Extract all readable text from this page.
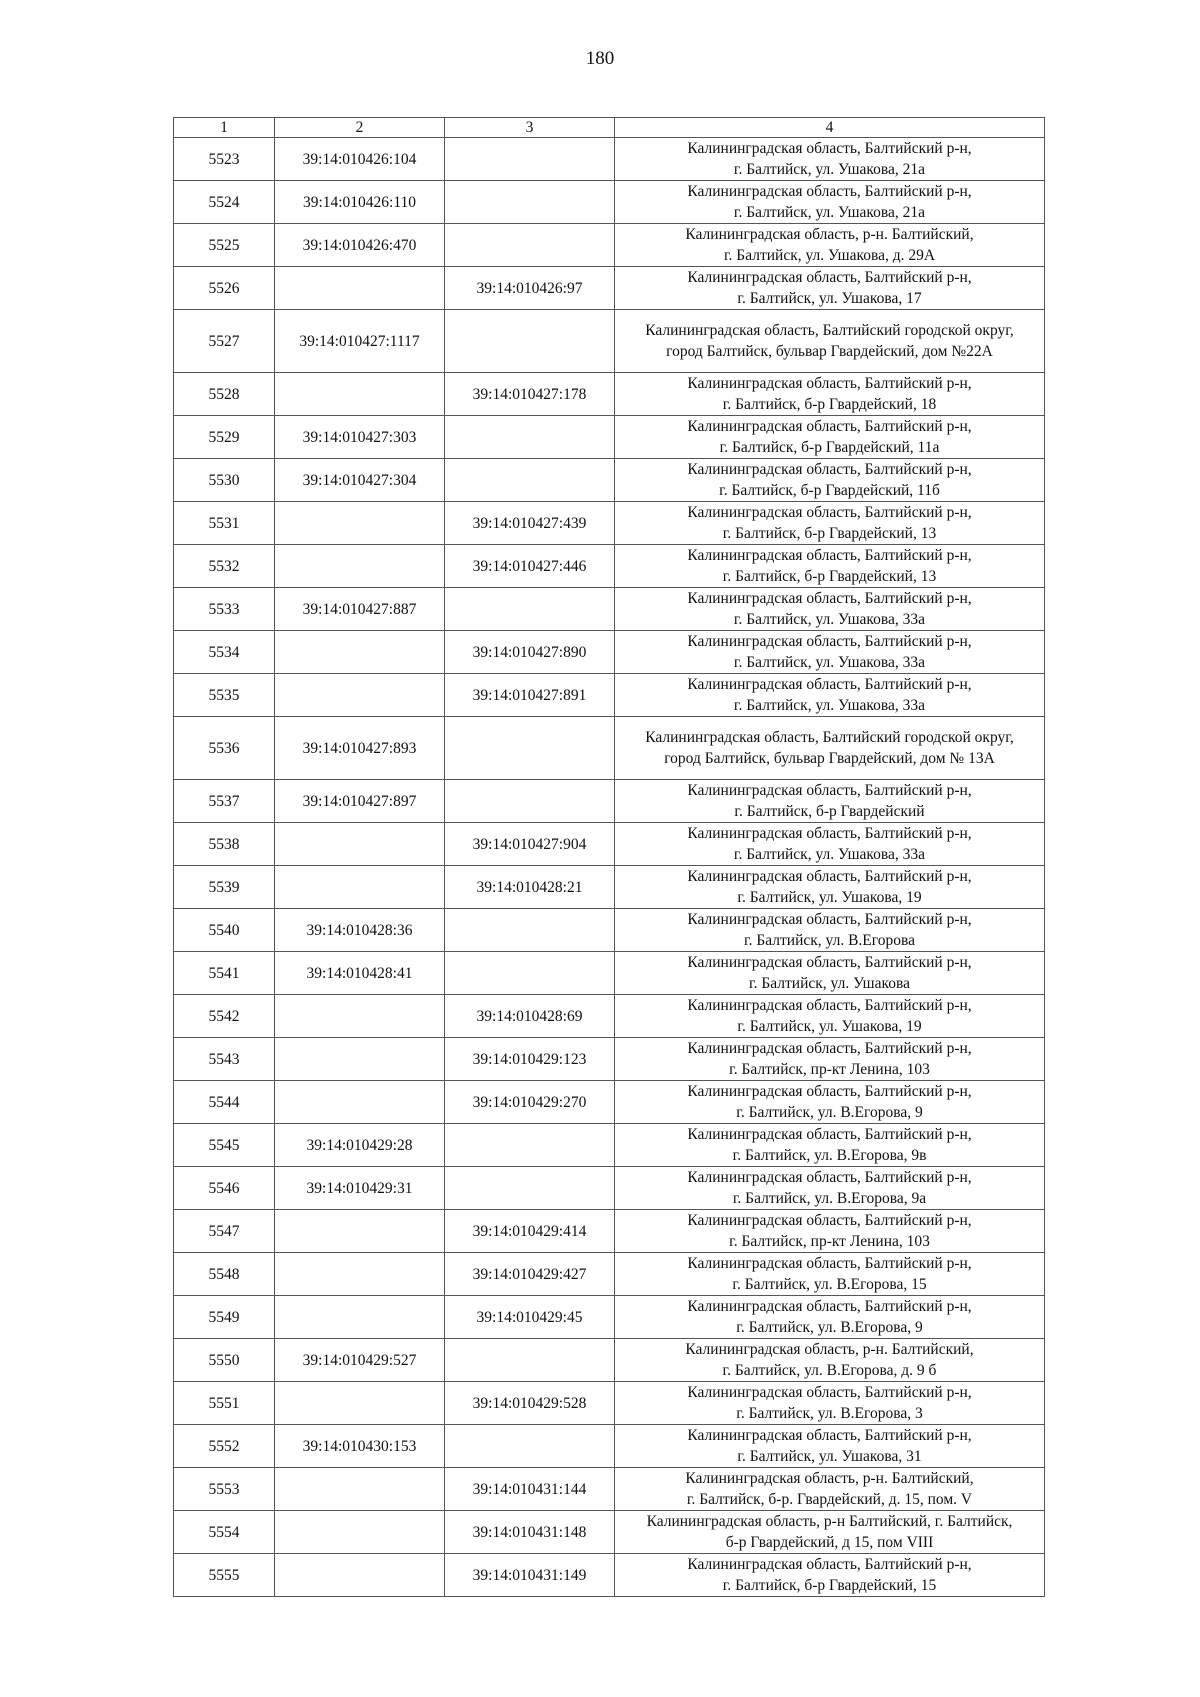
180
1	2	3	4
5523	39:14:010426:104		Калининградская область, Балтийский р-н,
г. Балтийск, ул. Ушакова, 21а
5524	39:14:010426:110		Калининградская область, Балтийский р-н,
г. Балтийск, ул. Ушакова, 21а
5525	39:14:010426:470		Калининградская область, р-н. Балтийский,
г. Балтийск, ул. Ушакова, д. 29А
5526		39:14:010426:97	Калининградская область, Балтийский р-н,
г. Балтийск, ул. Ушакова, 17
5527	39:14:010427:1117		Калининградская область, Балтийский городской округ,
город Балтийск, бульвар Гвардейский, дом №22А
5528		39:14:010427:178	Калининградская область, Балтийский р-н,
г. Балтийск, б-р Гвардейский, 18
5529	39:14:010427:303		Калининградская область, Балтийский р-н,
г. Балтийск, б-р Гвардейский, 11а
5530	39:14:010427:304		Калининградская область, Балтийский р-н,
г. Балтийск, б-р Гвардейский, 11б
5531		39:14:010427:439	Калининградская область, Балтийский р-н,
г. Балтийск, б-р Гвардейский, 13
5532		39:14:010427:446	Калининградская область, Балтийский р-н,
г. Балтийск, б-р Гвардейский, 13
5533	39:14:010427:887		Калининградская область, Балтийский р-н,
г. Балтийск, ул. Ушакова, 33а
5534		39:14:010427:890	Калининградская область, Балтийский р-н,
г. Балтийск, ул. Ушакова, 33а
5535		39:14:010427:891	Калининградская область, Балтийский р-н,
г. Балтийск, ул. Ушакова, 33а
5536	39:14:010427:893		Калининградская область, Балтийский городской округ,
город Балтийск, бульвар Гвардейский, дом № 13А
5537	39:14:010427:897		Калининградская область, Балтийский р-н,
г. Балтийск, б-р Гвардейский
5538		39:14:010427:904	Калининградская область, Балтийский р-н,
г. Балтийск, ул. Ушакова, 33а
5539		39:14:010428:21	Калининградская область, Балтийский р-н,
г. Балтийск, ул. Ушакова, 19
5540	39:14:010428:36		Калининградская область, Балтийский р-н,
г. Балтийск, ул. В.Егорова
5541	39:14:010428:41		Калининградская область, Балтийский р-н,
г. Балтийск, ул. Ушакова
5542		39:14:010428:69	Калининградская область, Балтийский р-н,
г. Балтийск, ул. Ушакова, 19
5543		39:14:010429:123	Калининградская область, Балтийский р-н,
г. Балтийск, пр-кт Ленина, 103
5544		39:14:010429:270	Калининградская область, Балтийский р-н,
г. Балтийск, ул. В.Егорова, 9
5545	39:14:010429:28		Калининградская область, Балтийский р-н,
г. Балтийск, ул. В.Егорова, 9в
5546	39:14:010429:31		Калининградская область, Балтийский р-н,
г. Балтийск, ул. В.Егорова, 9а
5547		39:14:010429:414	Калининградская область, Балтийский р-н,
г. Балтийск, пр-кт Ленина, 103
5548		39:14:010429:427	Калининградская область, Балтийский р-н,
г. Балтийск, ул. В.Егорова, 15
5549		39:14:010429:45	Калининградская область, Балтийский р-н,
г. Балтийск, ул. В.Егорова, 9
5550	39:14:010429:527		Калининградская область, р-н. Балтийский,
г. Балтийск, ул. В.Егорова, д. 9 б
5551		39:14:010429:528	Калининградская область, Балтийский р-н,
г. Балтийск, ул. В.Егорова, 3
5552	39:14:010430:153		Калининградская область, Балтийский р-н,
г. Балтийск, ул. Ушакова, 31
5553		39:14:010431:144	Калининградская область, р-н. Балтийский,
г. Балтийск, б-р. Гвардейский, д. 15, пом. V
5554		39:14:010431:148	Калининградская область, р-н Балтийский, г. Балтийск,
б-р Гвардейский, д 15, пом VIII
5555		39:14:010431:149	Калининградская область, Балтийский р-н,
г. Балтийск, б-р Гвардейский, 15
